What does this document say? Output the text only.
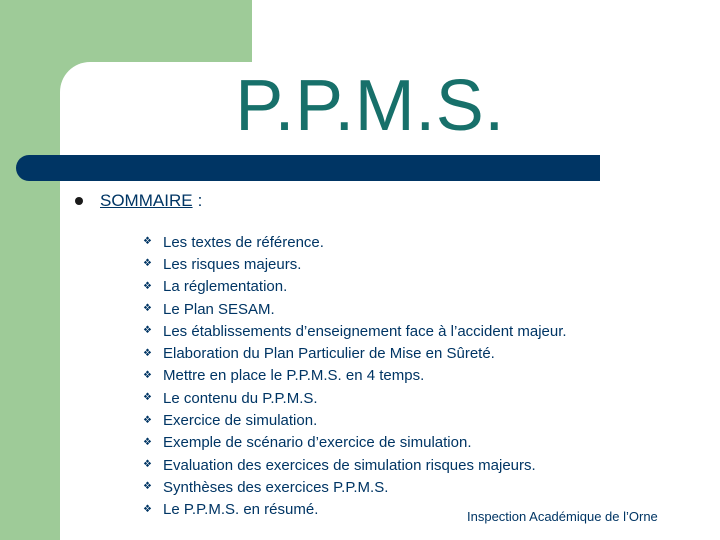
P.P.M.S.
SOMMAIRE :
❖ Les textes de référence.
❖ Les risques majeurs.
❖ La réglementation.
❖ Le Plan SESAM.
❖ Les établissements d’enseignement face à l’accident majeur.
❖ Elaboration du Plan Particulier de Mise en Sûreté.
❖ Mettre en place le P.P.M.S. en 4 temps.
❖ Le contenu du P.P.M.S.
❖ Exercice de simulation.
❖ Exemple de scénario d’exercice de simulation.
❖ Evaluation des exercices de simulation risques majeurs.
❖ Synthèses des exercices P.P.M.S.
❖ Le P.P.M.S. en résumé.	Inspection Académique de l’Orne
